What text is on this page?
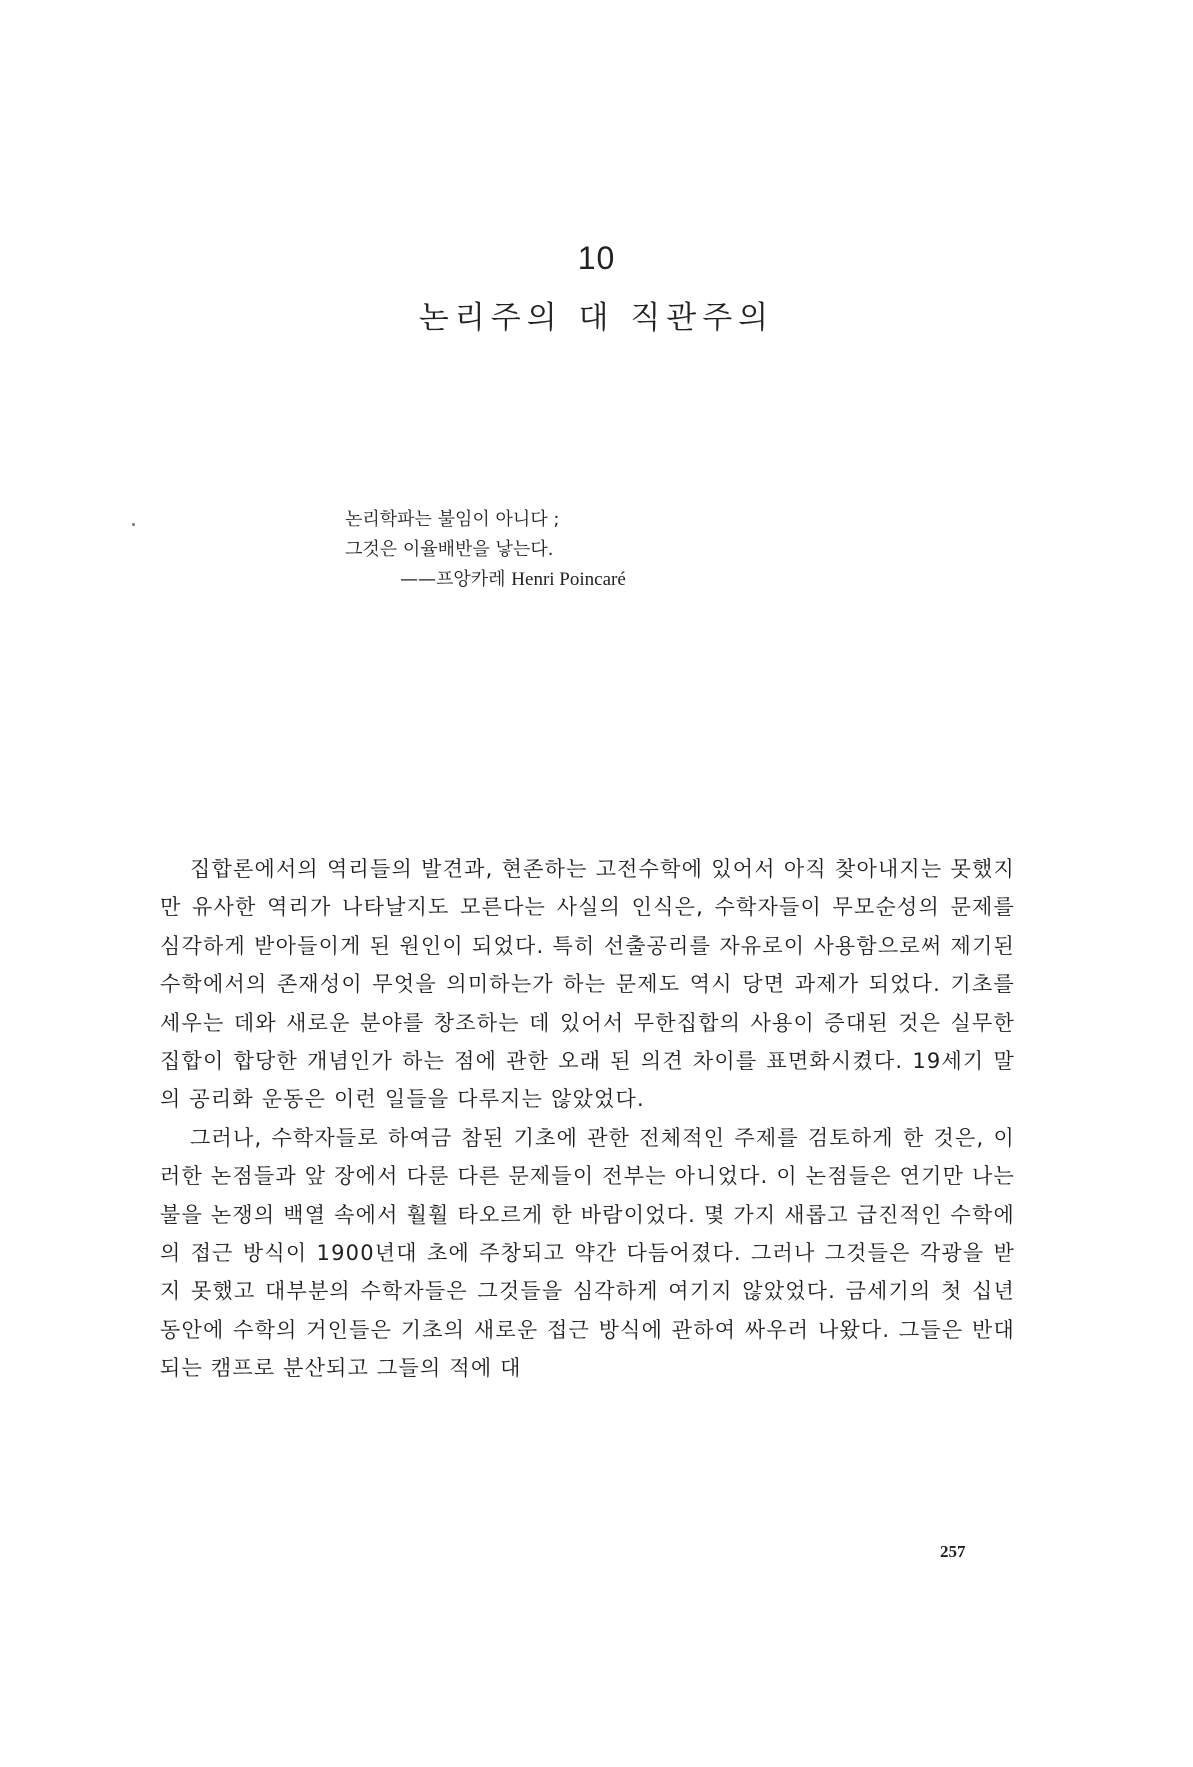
10
논리주의 대 직관주의
논리학파는 불임이 아니다 ;
그것은 이율배반을 낳는다.
——프앙카레 Henri Poincaré

집합론에서의 역리들의 발견과, 현존하는 고전수학에 있어서 아직 찾아내지는 못했지만 유사한 역리가 나타날지도 모른다는 사실의 인식은, 수학자들이 무모순성의 문제를 심각하게 받아들이게 된 원인이 되었다. 특히 선출공리를 자유로이 사용함으로써 제기된 수학에서의 존재성이 무엇을 의미하는가 하는 문제도 역시 당면 과제가 되었다. 기초를 세우는 데와 새로운 분야를 창조하는 데 있어서 무한집합의 사용이 증대된 것은 실무한집합이 합당한 개념인가 하는 점에 관한 오래 된 의견 차이를 표면화시켰다. 19세기 말의 공리화 운동은 이런 일들을 다루지는 않았었다.

그러나, 수학자들로 하여금 참된 기초에 관한 전체적인 주제를 검토하게 한 것은, 이러한 논점들과 앞 장에서 다룬 다른 문제들이 전부는 아니었다. 이 논점들은 연기만 나는 불을 논쟁의 백열 속에서 훨훨 타오르게 한 바람이었다. 몇 가지 새롭고 급진적인 수학에의 접근 방식이 1900년대 초에 주창되고 약간 다듬어졌다. 그러나 그것들은 각광을 받지 못했고 대부분의 수학자들은 그것들을 심각하게 여기지 않았었다. 금세기의 첫 십년 동안에 수학의 거인들은 기초의 새로운 접근 방식에 관하여 싸우러 나왔다. 그들은 반대되는 캠프로 분산되고 그들의 적에 대

257
